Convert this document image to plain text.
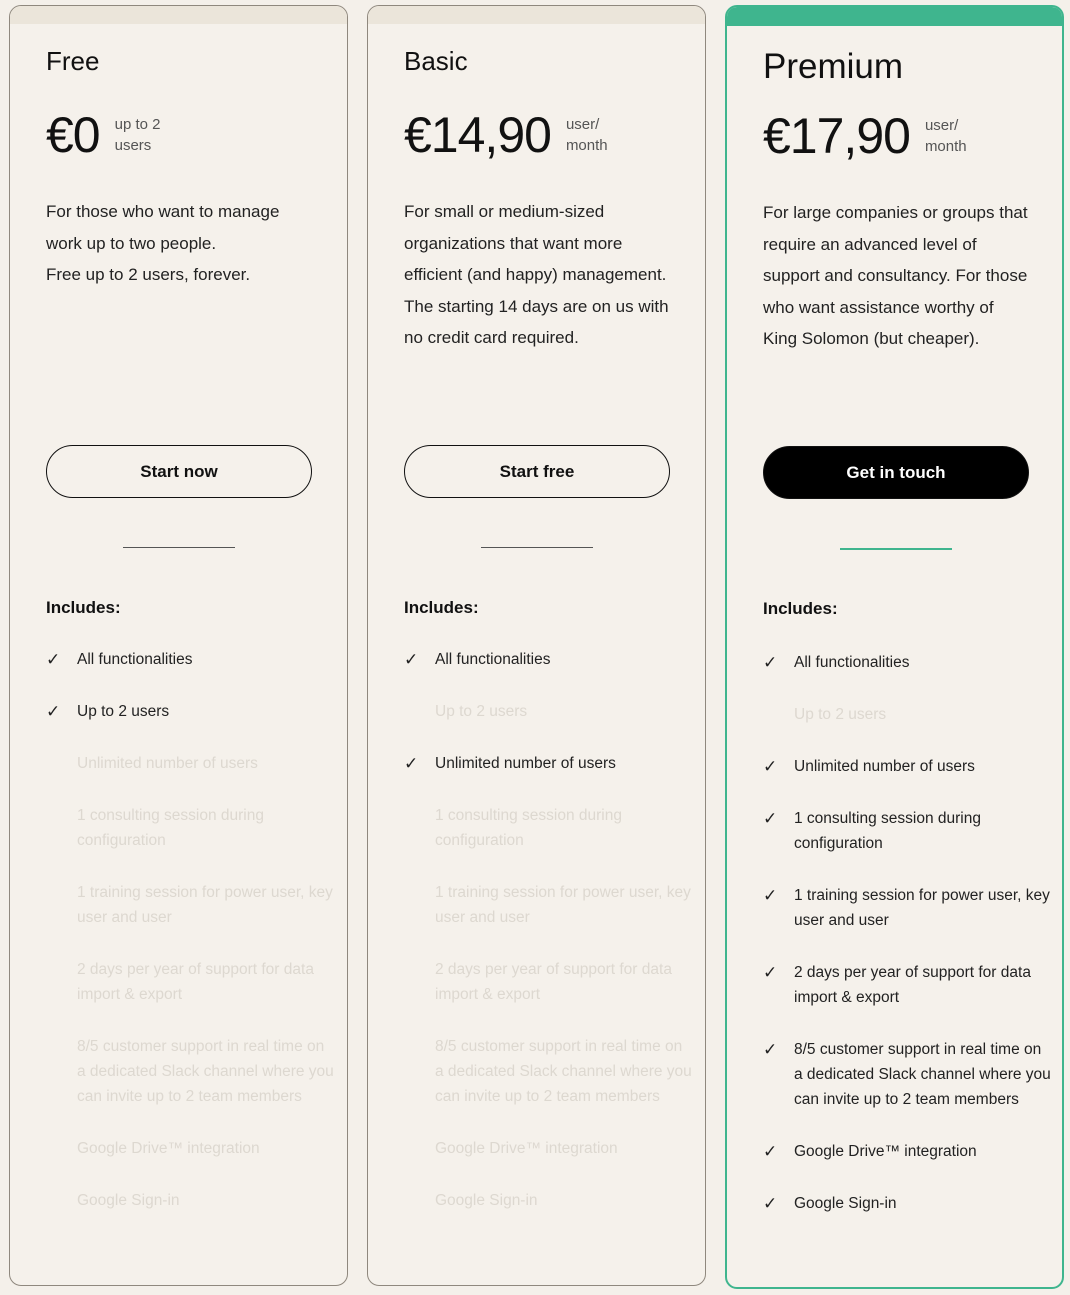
Free
€0 up to 2 users
For those who want to manage work up to two people.
Free up to 2 users, forever.
Start now
Includes:
✓ All functionalities
✓ Up to 2 users
Unlimited number of users
1 consulting session during configuration
1 training session for power user, key user and user
2 days per year of support for data import & export
8/5 customer support in real time on a dedicated Slack channel where you can invite up to 2 team members
Google Drive™ integration
Google Sign-in
Basic
€14,90 user/ month
For small or medium-sized organizations that want more efficient (and happy) management. The starting 14 days are on us with no credit card required.
Start free
Includes:
✓ All functionalities
Up to 2 users
✓ Unlimited number of users
1 consulting session during configuration
1 training session for power user, key user and user
2 days per year of support for data import & export
8/5 customer support in real time on a dedicated Slack channel where you can invite up to 2 team members
Google Drive™ integration
Google Sign-in
Premium
€17,90 user/ month
For large companies or groups that require an advanced level of support and consultancy. For those who want assistance worthy of King Solomon (but cheaper).
Get in touch
Includes:
✓ All functionalities
Up to 2 users
✓ Unlimited number of users
✓ 1 consulting session during configuration
✓ 1 training session for power user, key user and user
✓ 2 days per year of support for data import & export
✓ 8/5 customer support in real time on a dedicated Slack channel where you can invite up to 2 team members
✓ Google Drive™ integration
✓ Google Sign-in
